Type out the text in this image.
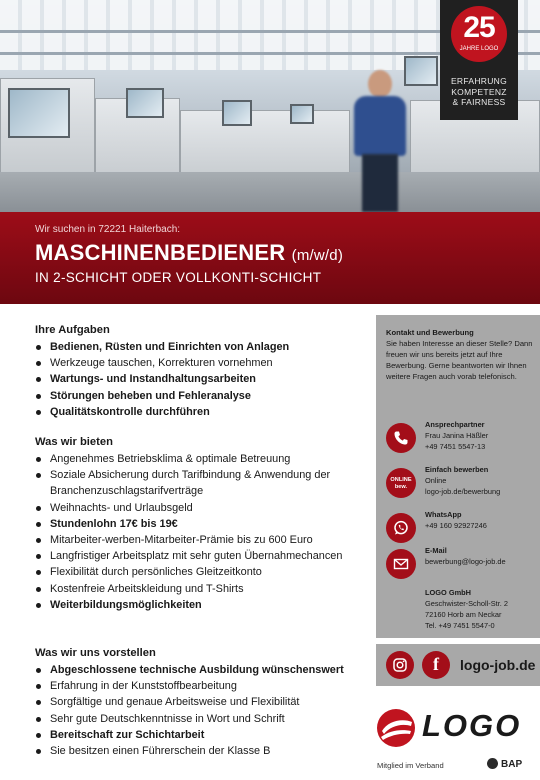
25
JAHRE LOGO
ERFAHRUNG
KOMPETENZ
& FAIRNESS
Wir suchen in 72221 Haiterbach:
MASCHINENBEDIENER (m/w/d)
IN 2-SCHICHT ODER VOLLKONTI-SCHICHT
Ihre Aufgaben
Bedienen, Rüsten und Einrichten von Anlagen
Werkzeuge tauschen, Korrekturen vornehmen
Wartungs- und Instandhaltungsarbeiten
Störungen beheben und Fehleranalyse
Qualitätskontrolle durchführen
Was wir bieten
Angenehmes Betriebsklima & optimale Betreuung
Soziale Absicherung durch Tarifbindung & Anwendung der Branchenzuschlagstarifverträge
Weihnachts- und Urlaubsgeld
Stundenlohn 17€ bis 19€
Mitarbeiter-werben-Mitarbeiter-Prämie bis zu 600 Euro
Langfristiger Arbeitsplatz mit sehr guten Übernahmechancen
Flexibilität durch persönliches Gleitzeitkonto
Kostenfreie Arbeitskleidung und T-Shirts
Weiterbildungsmöglichkeiten
Was wir uns vorstellen
Abgeschlossene technische Ausbildung wünschenswert
Erfahrung in der Kunststoffbearbeitung
Sorgfältige und genaue Arbeitsweise und Flexibilität
Sehr gute Deutschkenntnisse in Wort und Schrift
Bereitschaft zur Schichtarbeit
Sie besitzen einen Führerschein der Klasse B
Kontakt und Bewerbung
Sie haben Interesse an dieser Stelle? Dann freuen wir uns bereits jetzt auf Ihre Bewerbung. Gerne beantworten wir Ihnen weitere Fragen auch vorab telefonisch.
Ansprechpartner
Frau Janina Häßler
+49 7451 5547-13
ONLINE
bew.
Einfach bewerben
Online
logo-job.de/bewerbung
WhatsApp
+49 160 92927246
E-Mail
bewerbung@logo-job.de
LOGO GmbH
Geschwister-Scholl-Str. 2
72160 Horb am Neckar
Tel. +49 7451 5547-0
f	logo-job.de
LOGO
Mitglied im Verband	BAP
